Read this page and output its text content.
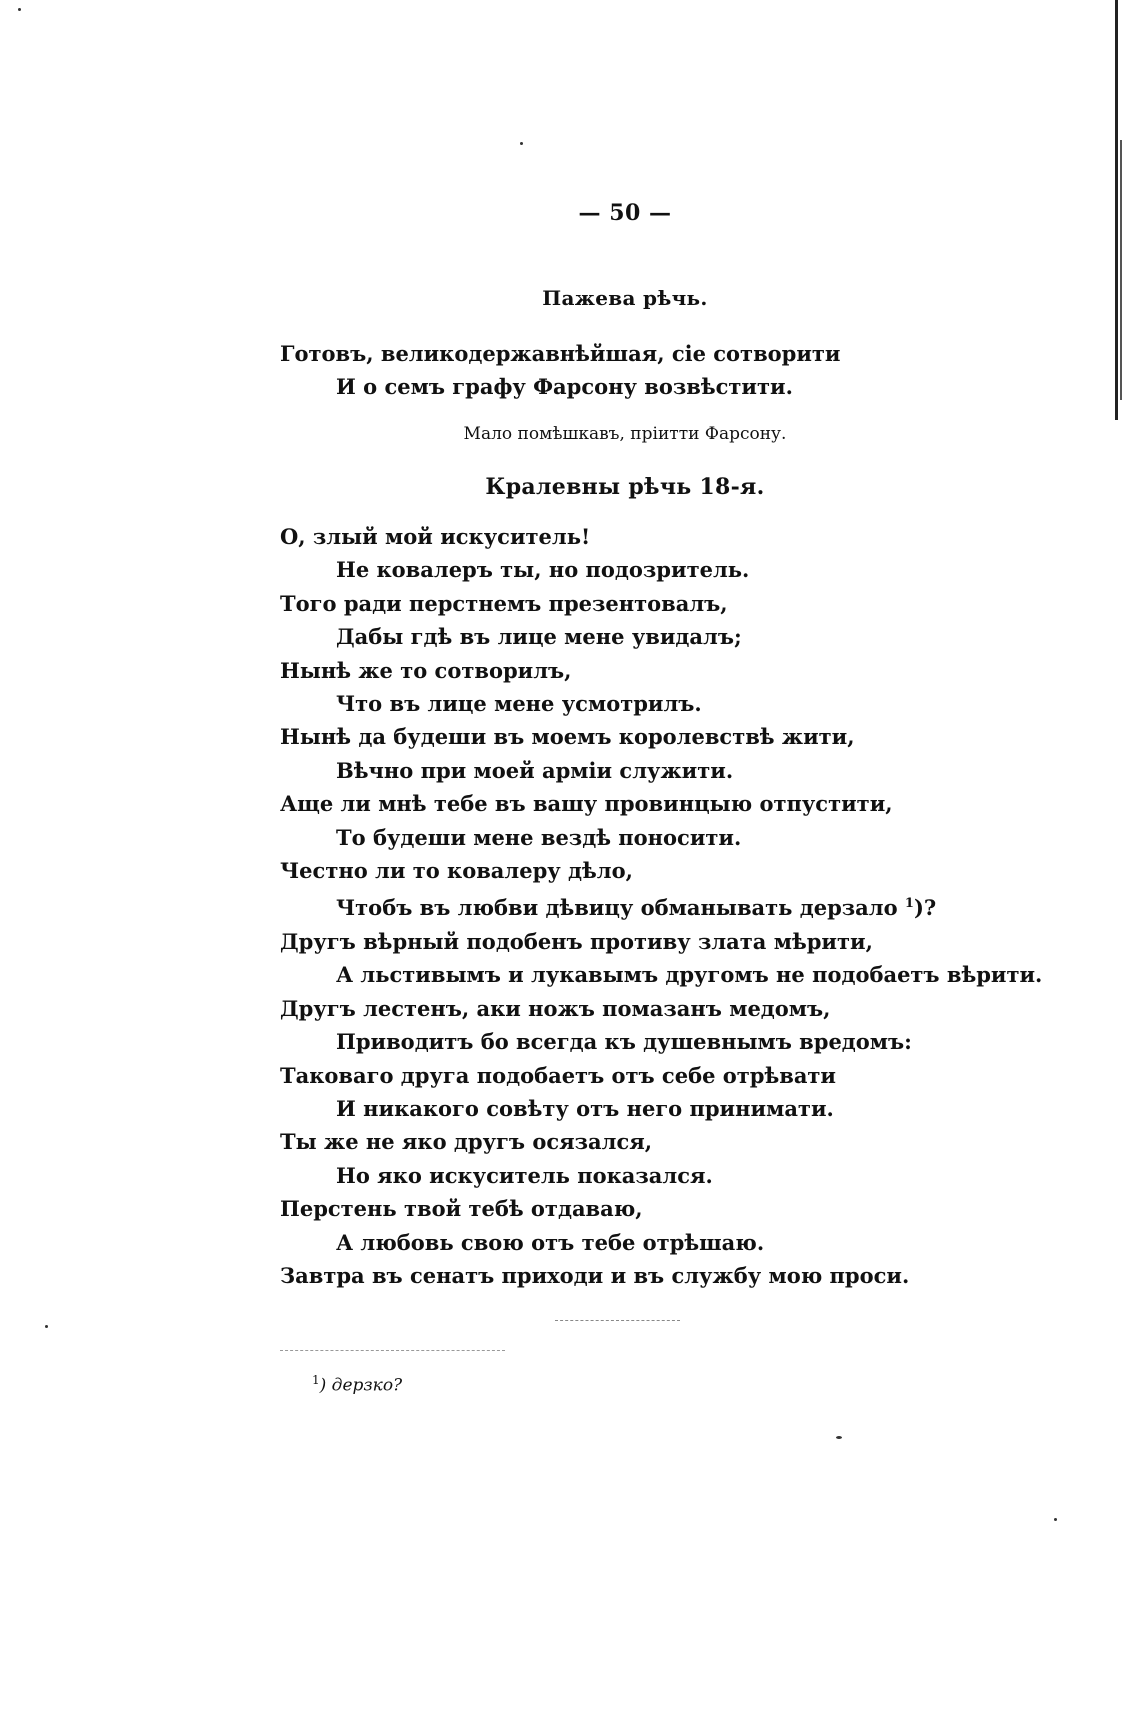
— 50 —
Пажева рѣчь.
Готовъ, великодержавнѣйшая, сіе сотворити
И о семъ графу Фарсону возвѣстити.
Мало помѣшкавъ, пріитти Фарсону.
Кралевны рѣчь 18-я.
О, злый мой искуситель!
Не ковалеръ ты, но подозритель.
Того ради перстнемъ презентовалъ,
Дабы гдѣ въ лице мене увидалъ;
Нынѣ же то сотворилъ,
Что въ лице мене усмотрилъ.
Нынѣ да будеши въ моемъ королевствѣ жити,
Вѣчно при моей арміи служити.
Аще ли мнѣ тебе въ вашу провинцыю отпустити,
То будеши мене вездѣ поносити.
Честно ли то ковалеру дѣло,
Чтобъ въ любви дѣвицу обманывать дерзало $^1$)?
Другъ вѣрный подобенъ противу злата мѣрити,
А льстивымъ и лукавымъ другомъ не подобаетъ вѣрити.
Другъ лестенъ, аки ножъ помазанъ медомъ,
Приводитъ бо всегда къ душевнымъ вредомъ:
Таковаго друга подобаетъ отъ себе отрѣвати
И никакого совѣту отъ него принимати.
Ты же не яко другъ осязался,
Но яко искуситель показался.
Перстень твой тебѣ отдаваю,
А любовь свою отъ тебе отрѣшаю.
Завтра въ сенатъ приходи и въ службу мою проси.
$^1$) дерзко?
